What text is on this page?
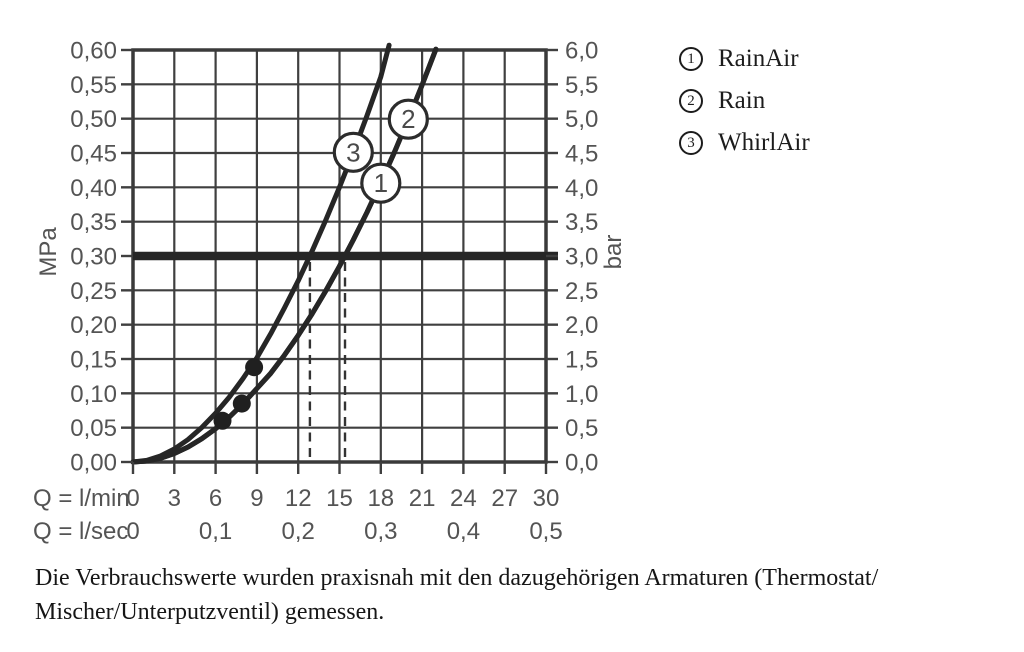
1
2
3
0 3 6 9 12 15 18 21 24 27 30
0 0,1 0,2 0,3 0,4 0,5
0,60	6,0
0,55	5,5
0,50	5,0
0,45	4,5
0,40	4,0
0,35	3,5
0,30	3,0
0,25	2,5
0,20	2,0
0,15	1,5
0,10	1,0
0,05	0,5
0,00	0,0
MPa	bar
Q = l/min
Q = l/sec
1 RainAir
2 Rain
3 WhirlAir

Die Verbrauchswerte wurden praxisnah mit den dazugehörigen Armaturen (Thermostat/
Mischer/Unterputzventil) gemessen.
